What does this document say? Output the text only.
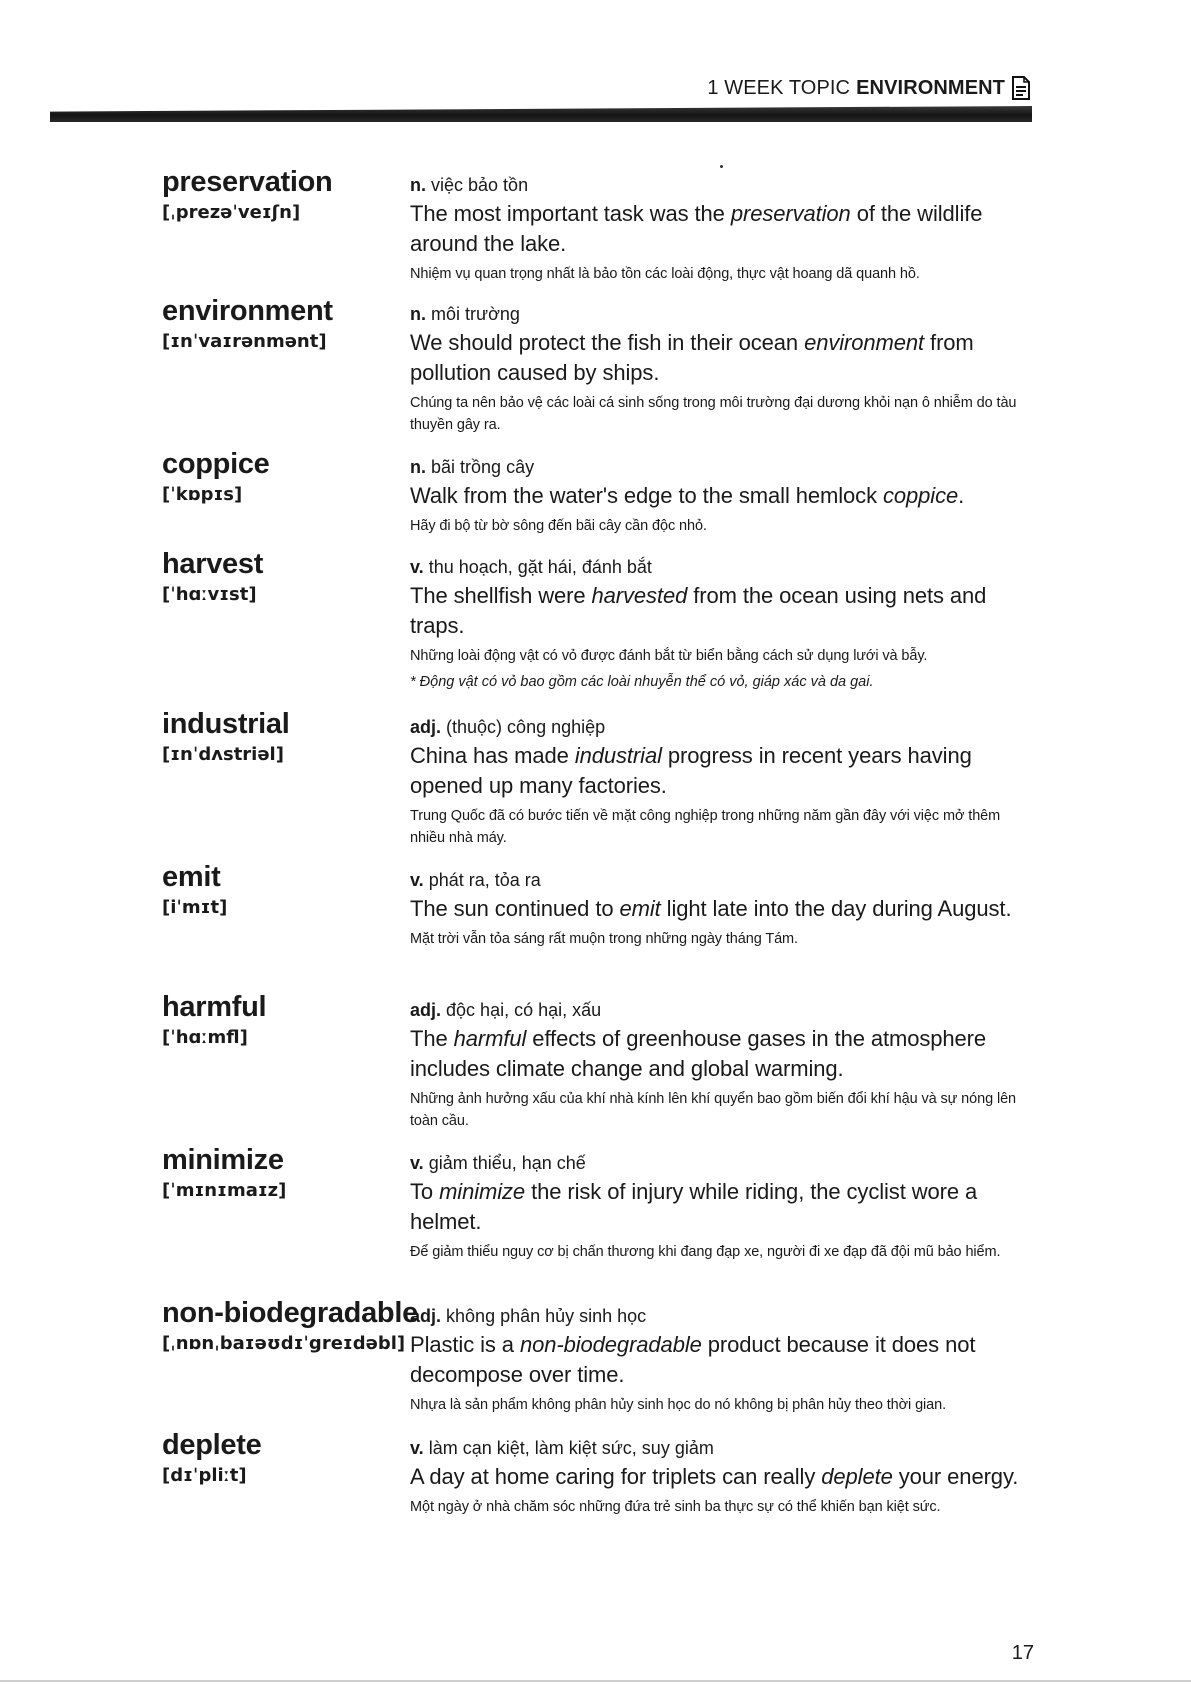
1 WEEK TOPIC ENVIRONMENT
preservation
[ˌprezəˈveɪʃn]
n. việc bảo tồn
The most important task was the preservation of the wildlife around the lake.
Nhiệm vụ quan trọng nhất là bảo tồn các loài động, thực vật hoang dã quanh hồ.
environment
[ɪnˈvaɪrənmənt]
n. môi trường
We should protect the fish in their ocean environment from pollution caused by ships.
Chúng ta nên bảo vệ các loài cá sinh sống trong môi trường đại dương khỏi nạn ô nhiễm do tàu thuyền gây ra.
coppice
[ˈkɒpɪs]
n. bãi trồng cây
Walk from the water's edge to the small hemlock coppice.
Hãy đi bộ từ bờ sông đến bãi cây cần độc nhỏ.
harvest
[ˈhɑːvɪst]
v. thu hoạch, gặt hái, đánh bắt
The shellfish were harvested from the ocean using nets and traps.
Những loài động vật có vỏ được đánh bắt từ biển bằng cách sử dụng lưới và bẫy.
* Động vật có vỏ bao gồm các loài nhuyễn thể có vỏ, giáp xác và da gai.
industrial
[ɪnˈdʌstriəl]
adj. (thuộc) công nghiệp
China has made industrial progress in recent years having opened up many factories.
Trung Quốc đã có bước tiến về mặt công nghiệp trong những năm gần đây với việc mở thêm nhiều nhà máy.
emit
[iˈmɪt]
v. phát ra, tỏa ra
The sun continued to emit light late into the day during August.
Mặt trời vẫn tỏa sáng rất muộn trong những ngày tháng Tám.
harmful
[ˈhɑːmfl]
adj. độc hại, có hại, xấu
The harmful effects of greenhouse gases in the atmosphere includes climate change and global warming.
Những ảnh hưởng xấu của khí nhà kính lên khí quyển bao gồm biến đổi khí hậu và sự nóng lên toàn cầu.
minimize
[ˈmɪnɪmaɪz]
v. giảm thiểu, hạn chế
To minimize the risk of injury while riding, the cyclist wore a helmet.
Để giảm thiểu nguy cơ bị chấn thương khi đang đạp xe, người đi xe đạp đã đội mũ bảo hiểm.
non-biodegradable
[ˌnɒnˌbaɪəʊdɪˈgreɪdəbl]
adj. không phân hủy sinh học
Plastic is a non-biodegradable product because it does not decompose over time.
Nhựa là sản phẩm không phân hủy sinh học do nó không bị phân hủy theo thời gian.
deplete
[dɪˈpliːt]
v. làm cạn kiệt, làm kiệt sức, suy giảm
A day at home caring for triplets can really deplete your energy.
Một ngày ở nhà chăm sóc những đứa trẻ sinh ba thực sự có thể khiến bạn kiệt sức.
17
